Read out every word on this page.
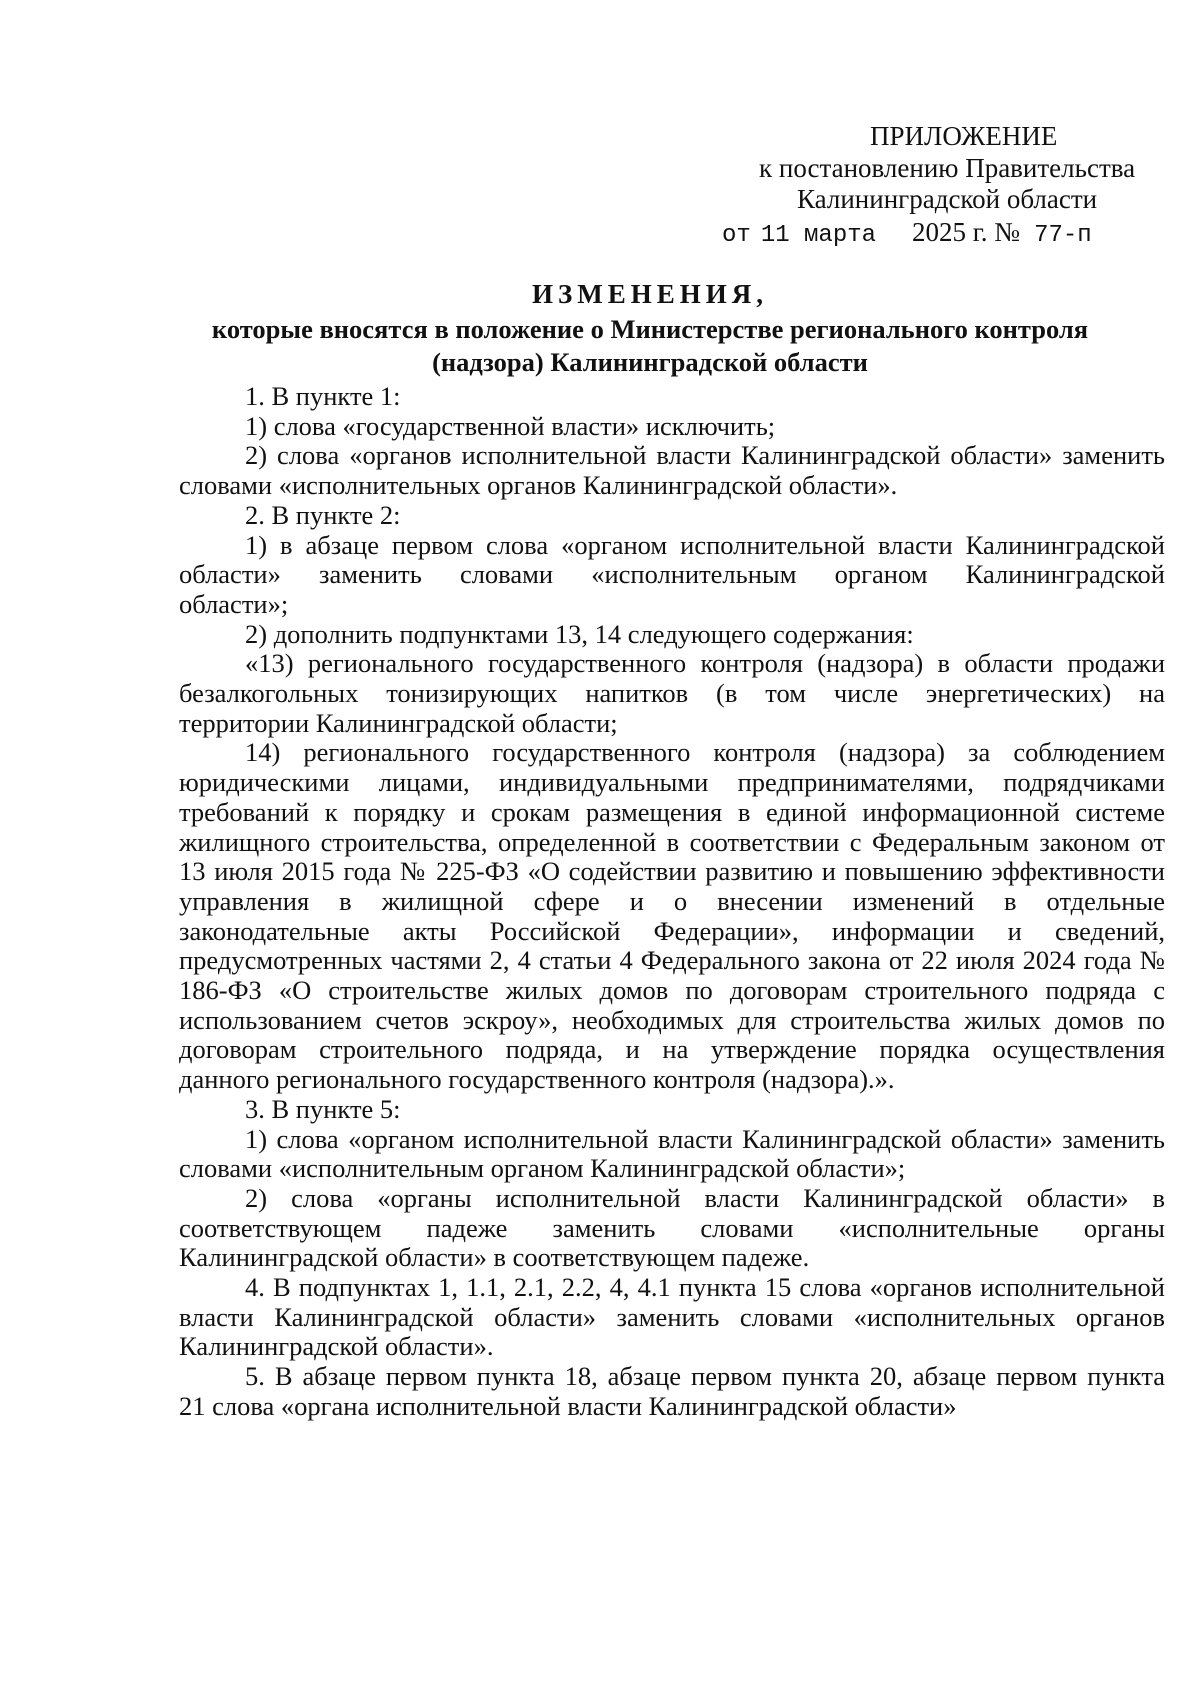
ПРИЛОЖЕНИЕ
к постановлению Правительства
Калининградской области
от 11 марта 2025 г. № 77-п
ИЗМЕНЕНИЯ,
которые вносятся в положение о Министерстве регионального контроля
(надзора) Калининградской области
1. В пункте 1:
1) слова «государственной власти» исключить;
2) слова «органов исполнительной власти Калининградской области» заменить
словами «исполнительных органов Калининградской области».
2. В пункте 2:
1) в абзаце первом слова «органом исполнительной власти Калининградской
области» заменить словами «исполнительным органом Калининградской
области»;
2) дополнить подпунктами 13, 14 следующего содержания:
«13) регионального государственного контроля (надзора) в области продажи
безалкогольных тонизирующих напитков (в том числе энергетических) на
территории Калининградской области;
14) регионального государственного контроля (надзора) за соблюдением
юридическими лицами, индивидуальными предпринимателями, подрядчиками
требований к порядку и срокам размещения в единой информационной системе
жилищного строительства, определенной в соответствии с Федеральным законом от
13 июля 2015 года № 225-ФЗ «О содействии развитию и повышению эффективности
управления в жилищной сфере и о внесении изменений в отдельные
законодательные акты Российской Федерации», информации и сведений,
предусмотренных частями 2, 4 статьи 4 Федерального закона от 22 июля 2024 года №
186-ФЗ «О строительстве жилых домов по договорам строительного подряда с
использованием счетов эскроу», необходимых для строительства жилых домов по
договорам строительного подряда, и на утверждение порядка осуществления
данного регионального государственного контроля (надзора).».
3. В пункте 5:
1) слова «органом исполнительной власти Калининградской области» заменить
словами «исполнительным органом Калининградской области»;
2) слова «органы исполнительной власти Калининградской области» в
соответствующем падеже заменить словами «исполнительные органы
Калининградской области» в соответствующем падеже.
4. В подпунктах 1, 1.1, 2.1, 2.2, 4, 4.1 пункта 15 слова «органов исполнительной
власти Калининградской области» заменить словами «исполнительных органов
Калининградской области».
5. В абзаце первом пункта 18, абзаце первом пункта 20, абзаце первом пункта
21 слова «органа исполнительной власти Калининградской области»
